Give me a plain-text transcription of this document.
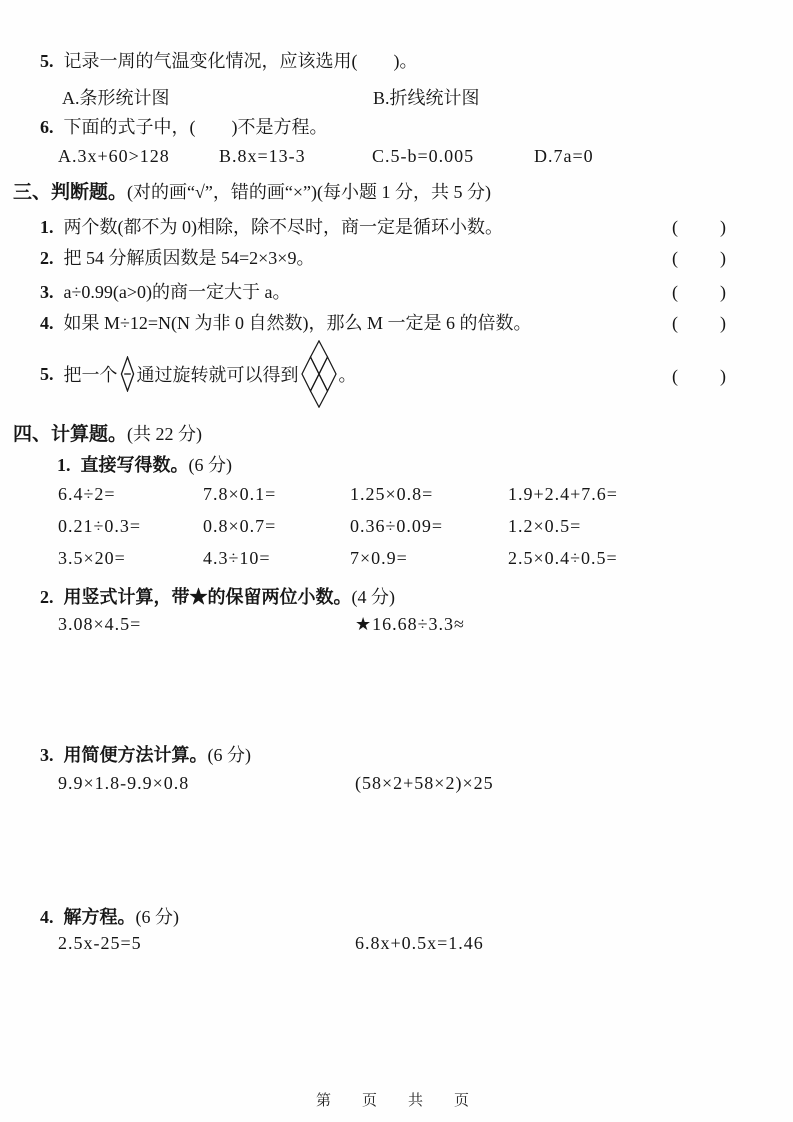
5. 记录一周的气温变化情况，应该选用(　　)。
A.条形统计图	B.折线统计图
6. 下面的式子中，(　　)不是方程。
A.3x+60>128	B.8x=13-3	C.5-b=0.005	D.7a=0
三、判断题。(对的画“√”，错的画“×”)(每小题 1 分，共 5 分)
1. 两个数(都不为 0)相除，除不尽时，商一定是循环小数。	(　　)
2. 把 54 分解质因数是 54=2×3×9。	(　　)
3. a÷0.99(a>0)的商一定大于 a。	(　　)
4. 如果 M÷12=N(N 为非 0 自然数)，那么 M 一定是 6 的倍数。	(　　)
5. 把一个 通过旋转就可以得到 。	(　　)
四、计算题。(共 22 分)
1. 直接写得数。(6 分)
6.4÷2=	7.8×0.1=	1.25×0.8=	1.9+2.4+7.6=
0.21÷0.3=	0.8×0.7=	0.36÷0.09=	1.2×0.5=
3.5×20=	4.3÷10=	7×0.9=	2.5×0.4÷0.5=
2. 用竖式计算，带★的保留两位小数。(4 分)
3.08×4.5=	★16.68÷3.3≈
3. 用简便方法计算。(6 分)
9.9×1.8-9.9×0.8	(58×2+58×2)×25
4. 解方程。(6 分)
2.5x-25=5	6.8x+0.5x=1.46
第　页　共　页
